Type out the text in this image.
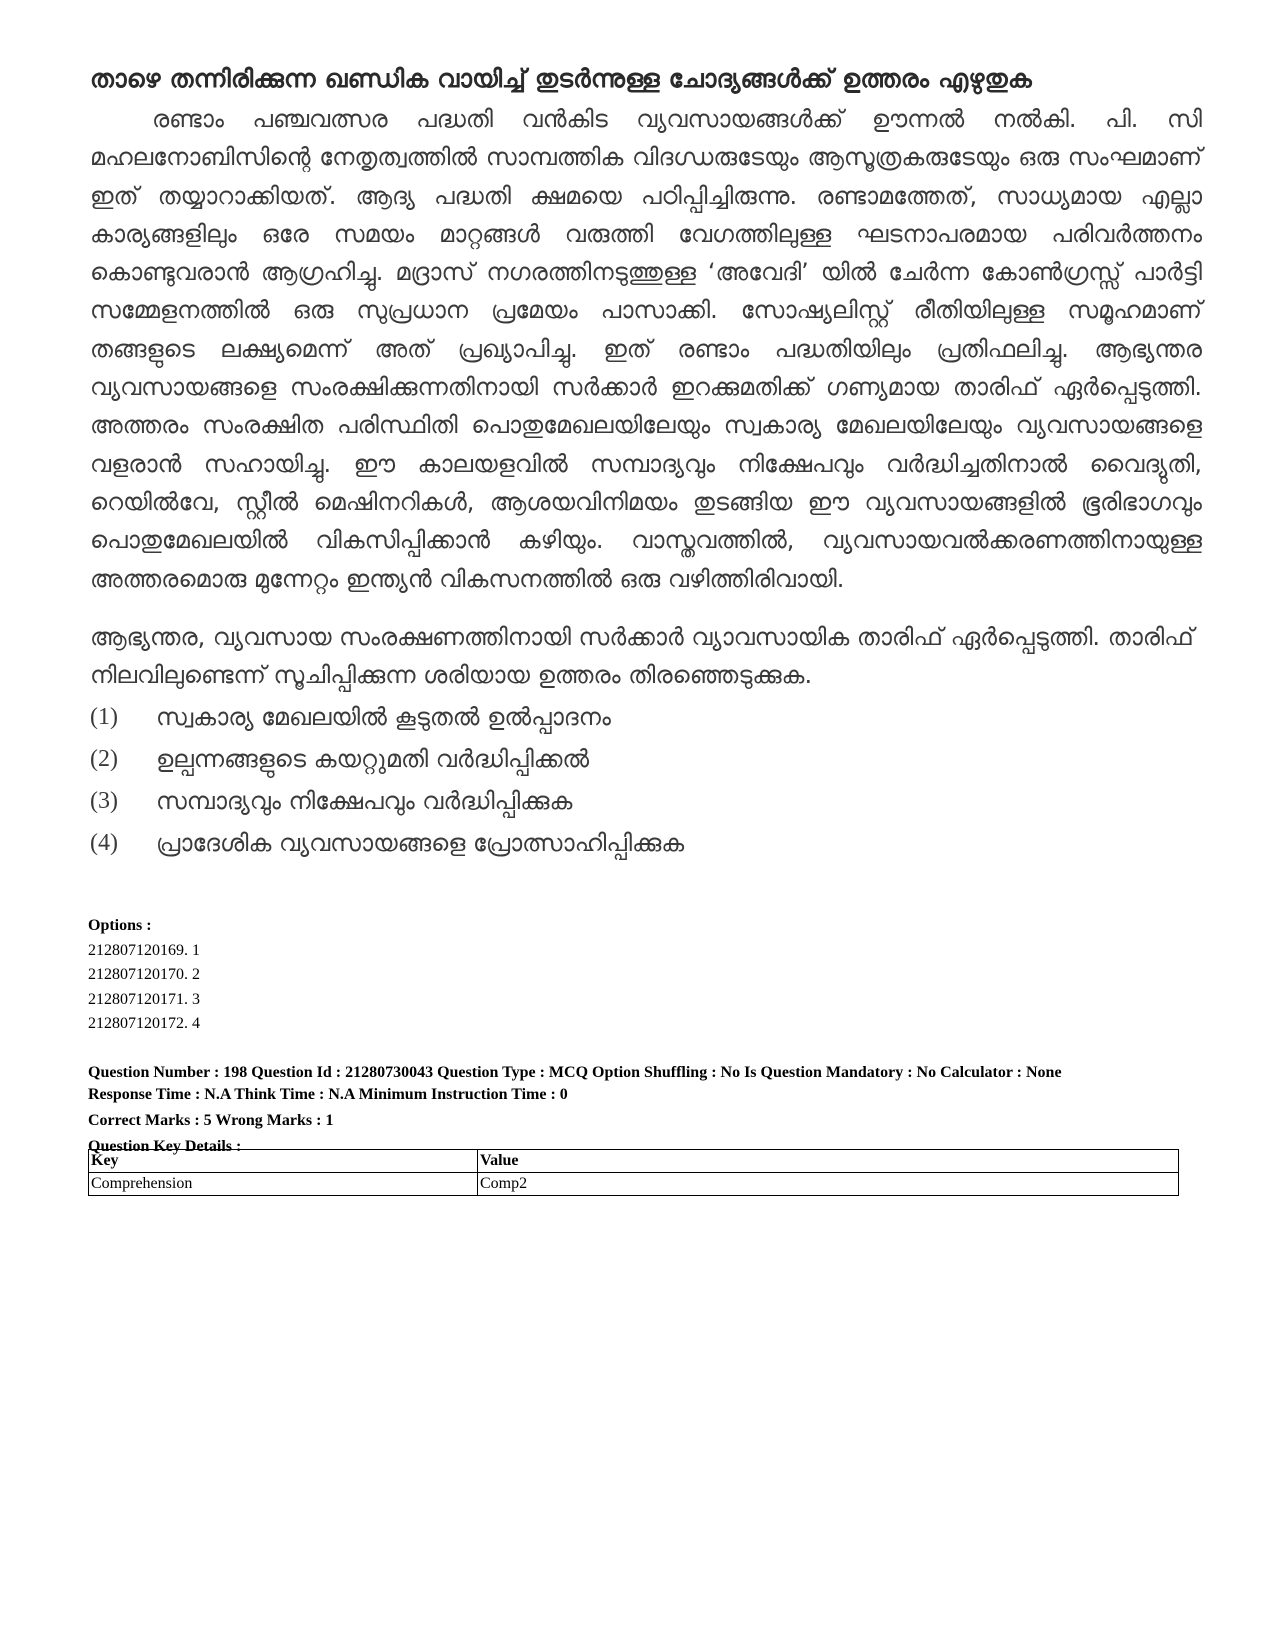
താഴെ തന്നിരിക്കുന്ന ഖണ്ഡിക വായിച്ച് തുടർന്നുള്ള ചോദ്യങ്ങൾക്ക് ഉത്തരം എഴുതുക

രണ്ടാം പഞ്ചവത്സര പദ്ധതി വൻകിട വ്യവസായങ്ങൾക്ക് ഊന്നൽ നൽകി. പി. സി മഹലനോബിസിന്റെ നേതൃത്വത്തിൽ സാമ്പത്തിക വിദഗ്ധരുടേയും ആസൂത്രകരുടേയും ഒരു സംഘമാണ് ഇത് തയ്യാറാക്കിയത്. ആദ്യ പദ്ധതി ക്ഷമയെ പഠിപ്പിച്ചിരുന്നു. രണ്ടാമത്തേത്, സാധ്യമായ എല്ലാ കാര്യങ്ങളിലും ഒരേ സമയം മാറ്റങ്ങൾ വരുത്തി വേഗത്തിലുള്ള ഘടനാപരമായ പരിവർത്തനം കൊണ്ടുവരാൻ ആഗ്രഹിച്ചു. മദ്രാസ് നഗരത്തിനടുത്തുള്ള ‘അവേദി’ യിൽ ചേർന്ന കോൺഗ്രസ്സ് പാർട്ടി സമ്മേളനത്തിൽ ഒരു സുപ്രധാന പ്രമേയം പാസാക്കി. സോഷ്യലിസ്റ്റ് രീതിയിലുള്ള സമൂഹമാണ് തങ്ങളുടെ ലക്ഷ്യമെന്ന് അത് പ്രഖ്യാപിച്ചു. ഇത് രണ്ടാം പദ്ധതിയിലും പ്രതിഫലിച്ചു. ആഭ്യന്തര വ്യവസായങ്ങളെ സംരക്ഷിക്കുന്നതിനായി സർക്കാർ ഇറക്കുമതിക്ക് ഗണ്യമായ താരിഫ് ഏർപ്പെടുത്തി. അത്തരം സംരക്ഷിത പരിസ്ഥിതി പൊതുമേഖലയിലേയും സ്വകാര്യ മേഖലയിലേയും വ്യവസായങ്ങളെ വളരാൻ സഹായിച്ചു. ഈ കാലയളവിൽ സമ്പാദ്യവും നിക്ഷേപവും വർദ്ധിച്ചതിനാൽ വൈദ്യുതി, റെയിൽവേ, സ്റ്റീൽ മെഷിനറികൾ, ആശയവിനിമയം തുടങ്ങിയ ഈ വ്യവസായങ്ങളിൽ ഭൂരിഭാഗവും പൊതുമേഖലയിൽ വികസിപ്പിക്കാൻ കഴിയും. വാസ്തവത്തിൽ, വ്യവസായവൽക്കരണത്തിനായുള്ള അത്തരമൊരു മുന്നേറ്റം ഇന്ത്യൻ വികസനത്തിൽ ഒരു വഴിത്തിരിവായി.

ആഭ്യന്തര, വ്യവസായ സംരക്ഷണത്തിനായി സർക്കാർ വ്യാവസായിക താരിഫ് ഏർപ്പെടുത്തി. താരിഫ് നിലവിലുണ്ടെന്ന് സൂചിപ്പിക്കുന്ന ശരിയായ ഉത്തരം തിരഞ്ഞെടുക്കുക.

(1)	സ്വകാര്യ മേഖലയിൽ കൂടുതൽ ഉൽപ്പാദനം
(2)	ഉല്പന്നങ്ങളുടെ കയറ്റുമതി വർദ്ധിപ്പിക്കൽ
(3)	സമ്പാദ്യവും നിക്ഷേപവും വർദ്ധിപ്പിക്കുക
(4)	പ്രാദേശിക വ്യവസായങ്ങളെ പ്രോത്സാഹിപ്പിക്കുക
Options :
212807120169. 1
212807120170. 2
212807120171. 3
212807120172. 4
Question Number : 198 Question Id : 21280730043 Question Type : MCQ Option Shuffling : No Is Question Mandatory : No Calculator : None
Response Time : N.A Think Time : N.A Minimum Instruction Time : 0
Correct Marks : 5 Wrong Marks : 1
Question Key Details :
Key	Value
Comprehension	Comp2
